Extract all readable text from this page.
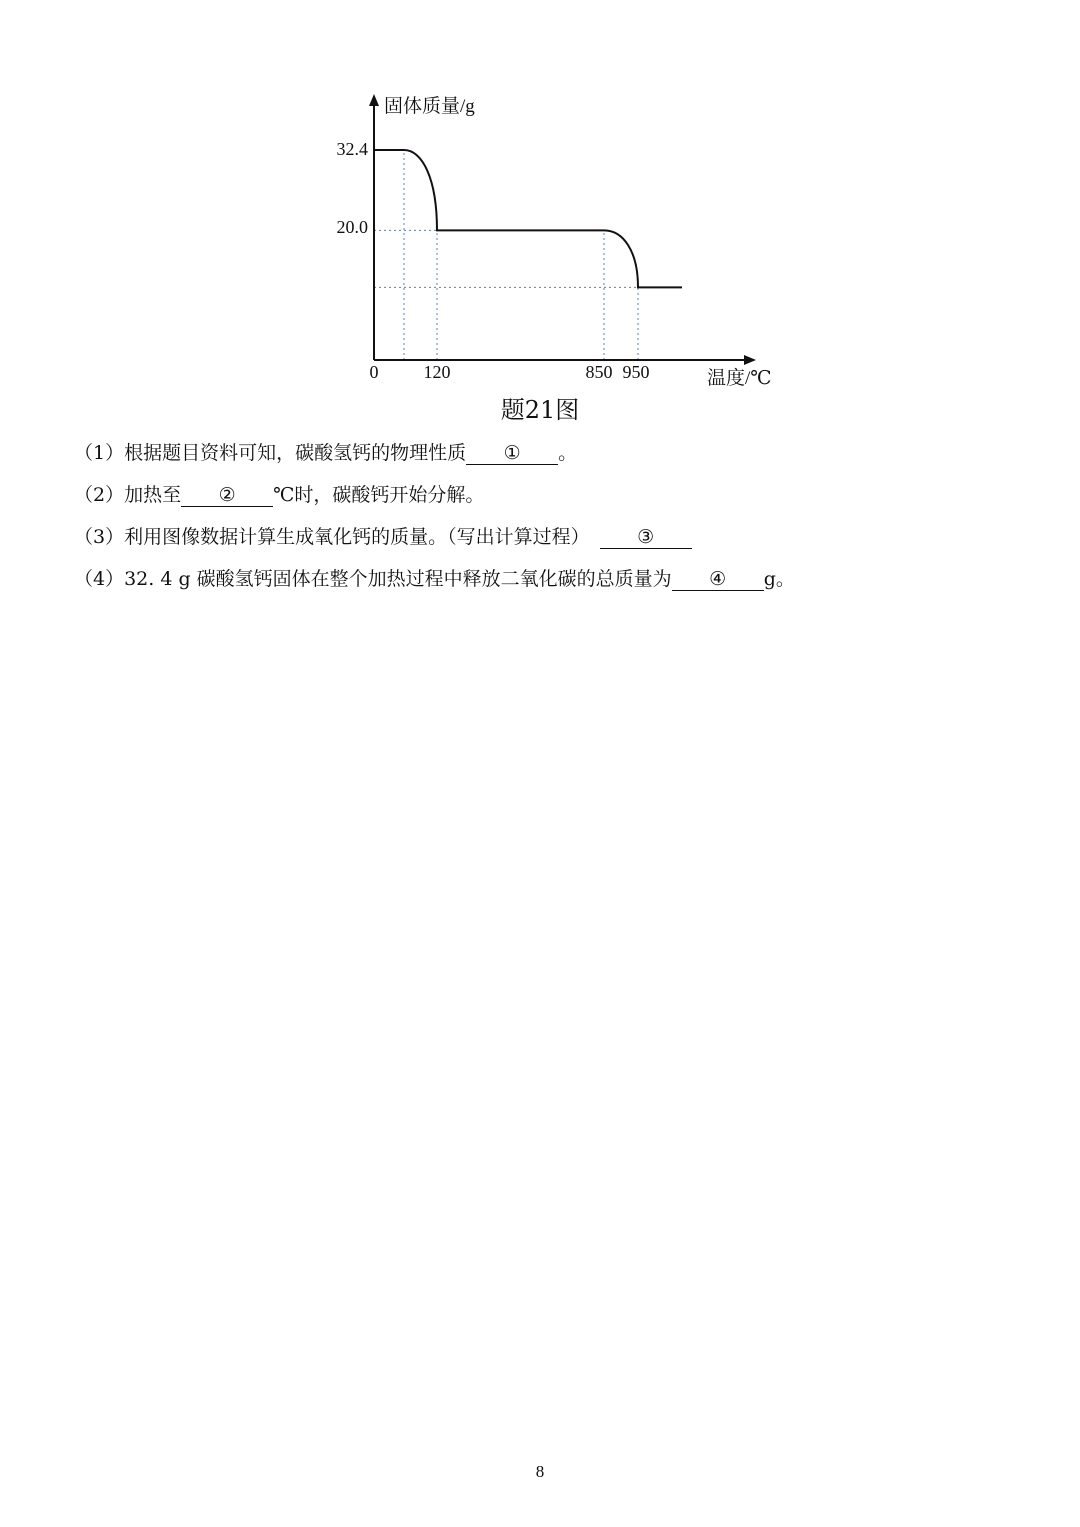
固体质量/g
温度/℃
0	120	850 950
32.4
20.0
题21图
（1）根据题目资料可知，碳酸氢钙的物理性质 ① 。
（2）加热至 ② ℃时，碳酸钙开始分解。
（3）利用图像数据计算生成氧化钙的质量。（写出计算过程） ③
（4）32. 4 g 碳酸氢钙固体在整个加热过程中释放二氧化碳的总质量为 ④ g。
8
